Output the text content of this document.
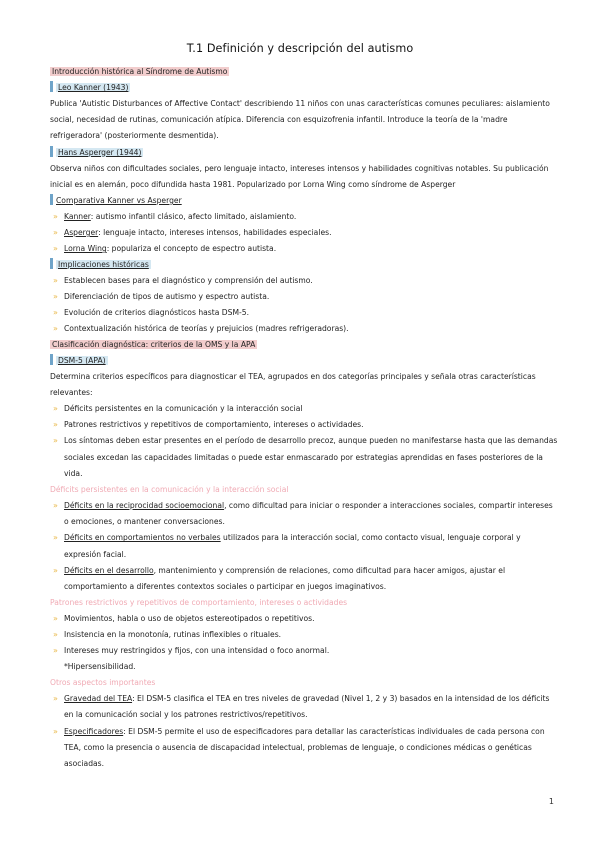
T.1 Definición y descripción del autismo
Introducción histórica al Síndrome de Autismo
Leo Kanner (1943)
Publica 'Autistic Disturbances of Affective Contact' describiendo 11 niños con unas características comunes peculiares: aislamiento social, necesidad de rutinas, comunicación atípica. Diferencia con esquizofrenia infantil. Introduce la teoría de la 'madre refrigeradora' (posteriormente desmentida).
Hans Asperger (1944)
Observa niños con dificultades sociales, pero lenguaje intacto, intereses intensos y habilidades cognitivas notables. Su publicación inicial es en alemán, poco difundida hasta 1981. Popularizado por Lorna Wing como síndrome de Asperger
Comparativa Kanner vs Asperger
» Kanner: autismo infantil clásico, afecto limitado, aislamiento.
» Asperger: lenguaje intacto, intereses intensos, habilidades especiales.
» Lorna Wing: populariza el concepto de espectro autista.
Implicaciones históricas
» Establecen bases para el diagnóstico y comprensión del autismo.
» Diferenciación de tipos de autismo y espectro autista.
» Evolución de criterios diagnósticos hasta DSM-5.
» Contextualización histórica de teorías y prejuicios (madres refrigeradoras).
Clasificación diagnóstica: criterios de la OMS y la APA
DSM-5 (APA)
Determina criterios específicos para diagnosticar el TEA, agrupados en dos categorías principales y señala otras características relevantes:
» Déficits persistentes en la comunicación y la interacción social
» Patrones restrictivos y repetitivos de comportamiento, intereses o actividades.
» Los síntomas deben estar presentes en el período de desarrollo precoz, aunque pueden no manifestarse hasta que las demandas sociales excedan las capacidades limitadas o puede estar enmascarado por estrategias aprendidas en fases posteriores de la vida.
Déficits persistentes en la comunicación y la interacción social
» Déficits en la reciprocidad socioemocional, como dificultad para iniciar o responder a interacciones sociales, compartir intereses o emociones, o mantener conversaciones.
» Déficits en comportamientos no verbales utilizados para la interacción social, como contacto visual, lenguaje corporal y expresión facial.
» Déficits en el desarrollo, mantenimiento y comprensión de relaciones, como dificultad para hacer amigos, ajustar el comportamiento a diferentes contextos sociales o participar en juegos imaginativos.
Patrones restrictivos y repetitivos de comportamiento, intereses o actividades
» Movimientos, habla o uso de objetos estereotipados o repetitivos.
» Insistencia en la monotonía, rutinas inflexibles o rituales.
» Intereses muy restringidos y fijos, con una intensidad o foco anormal.
*Hipersensibilidad.
Otros aspectos importantes
» Gravedad del TEA: El DSM-5 clasifica el TEA en tres niveles de gravedad (Nivel 1, 2 y 3) basados en la intensidad de los déficits en la comunicación social y los patrones restrictivos/repetitivos.
» Especificadores: El DSM-5 permite el uso de especificadores para detallar las características individuales de cada persona con TEA, como la presencia o ausencia de discapacidad intelectual, problemas de lenguaje, o condiciones médicas o genéticas asociadas.
1
